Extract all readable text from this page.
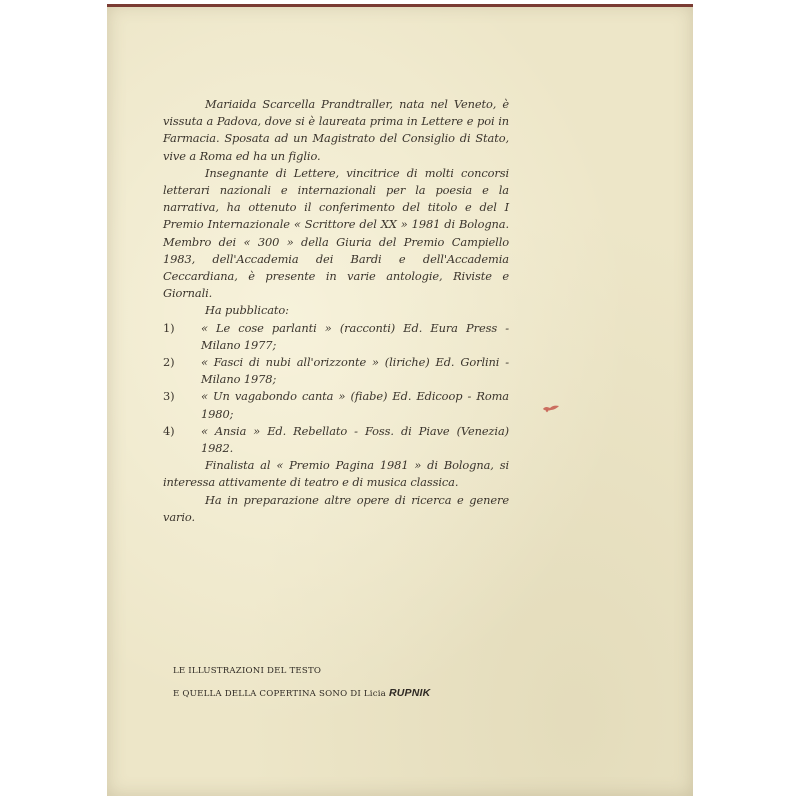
Mariaida Scarcella Prandtraller, nata nel Veneto, è vissuta a Padova, dove si è laureata prima in Lettere e poi in Farmacia. Sposata ad un Magistrato del Consiglio di Stato, vive a Roma ed ha un figlio.

Insegnante di Lettere, vincitrice di molti concorsi letterari nazionali e internazionali per la poesia e la narrativa, ha ottenuto il conferimento del titolo e del I Premio Internazionale « Scrittore del XX » 1981 di Bologna. Membro dei « 300 » della Giuria del Premio Campiello 1983, dell'Accademia dei Bardi e dell'Accademia Ceccardiana, è presente in varie antologie, Riviste e Giornali.

Ha pubblicato:

1)	« Le cose parlanti » (racconti) Ed. Eura Press - Milano 1977;
2)	« Fasci di nubi all'orizzonte » (liriche) Ed. Gorlini - Milano 1978;
3)	« Un vagabondo canta » (fiabe) Ed. Edicoop - Roma 1980;
4)	« Ansia » Ed. Rebellato - Foss. di Piave (Venezia) 1982.

Finalista al « Premio Pagina 1981 » di Bologna, si interessa attivamente di teatro e di musica classica.

Ha in preparazione altre opere di ricerca e genere vario.

LE ILLUSTRAZIONI DEL TESTO
E QUELLA DELLA COPERTINA SONO DI Licia RUPNIK
